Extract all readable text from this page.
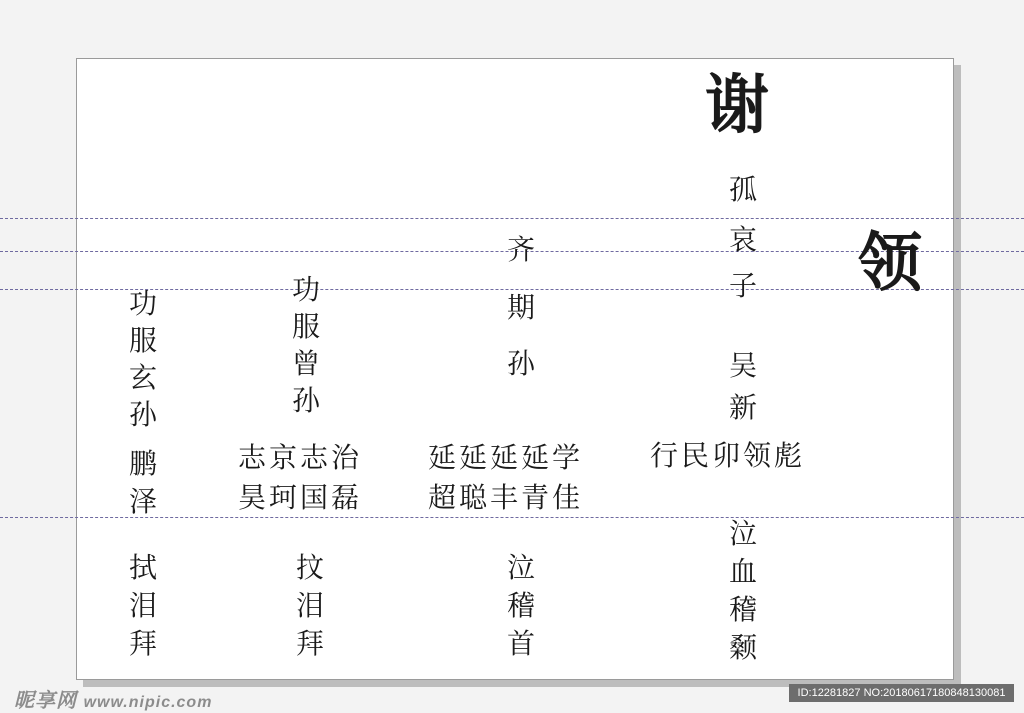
谢
领
孤
哀
子
吴
新
行民卯领彪
泣
血
稽
颡
齐
期
孙
延延延延学
超聪丰青佳
泣
稽
首
功
服
曾
孙
志京志治
昊珂国磊
抆
泪
拜
功
服
玄
孙
鹏
泽
拭
泪
拜
昵享网 www.nipic.com
ID:12281827 NO:20180617180848130081
